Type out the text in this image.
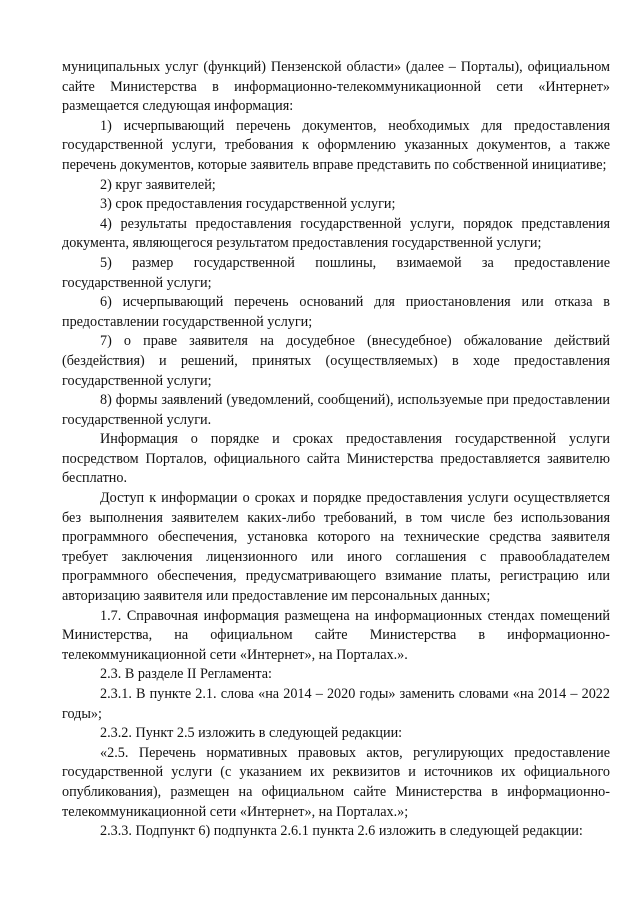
муниципальных услуг (функций) Пензенской области» (далее – Порталы), официальном сайте Министерства в информационно-телекоммуникационной сети «Интернет» размещается следующая информация:

1) исчерпывающий перечень документов, необходимых для предоставления государственной услуги, требования к оформлению указанных документов, а также перечень документов, которые заявитель вправе представить по собственной инициативе;

2) круг заявителей;

3) срок предоставления государственной услуги;

4) результаты предоставления государственной услуги, порядок представления документа, являющегося результатом предоставления государственной услуги;

5) размер государственной пошлины, взимаемой за предоставление государственной услуги;

6) исчерпывающий перечень оснований для приостановления или отказа в предоставлении государственной услуги;

7) о праве заявителя на досудебное (внесудебное) обжалование действий (бездействия) и решений, принятых (осуществляемых) в ходе предоставления государственной услуги;

8) формы заявлений (уведомлений, сообщений), используемые при предоставлении государственной услуги.

Информация о порядке и сроках предоставления государственной услуги посредством Порталов, официального сайта Министерства предоставляется заявителю бесплатно.

Доступ к информации о сроках и порядке предоставления услуги осуществляется без выполнения заявителем каких-либо требований, в том числе без использования программного обеспечения, установка которого на технические средства заявителя требует заключения лицензионного или иного соглашения с правообладателем программного обеспечения, предусматривающего взимание платы, регистрацию или авторизацию заявителя или предоставление им персональных данных;

1.7. Справочная информация размещена на информационных стендах помещений Министерства, на официальном сайте Министерства в информационно-телекоммуникационной сети «Интернет», на Порталах.».

2.3. В разделе II Регламента:

2.3.1. В пункте 2.1. слова «на 2014 – 2020 годы» заменить словами «на 2014 – 2022 годы»;

2.3.2. Пункт 2.5 изложить в следующей редакции:

«2.5. Перечень нормативных правовых актов, регулирующих предоставление государственной услуги (с указанием их реквизитов и источников их официального опубликования), размещен на официальном сайте Министерства в информационно-телекоммуникационной сети «Интернет», на Порталах.»;

2.3.3. Подпункт 6) подпункта 2.6.1 пункта 2.6 изложить в следующей редакции:
